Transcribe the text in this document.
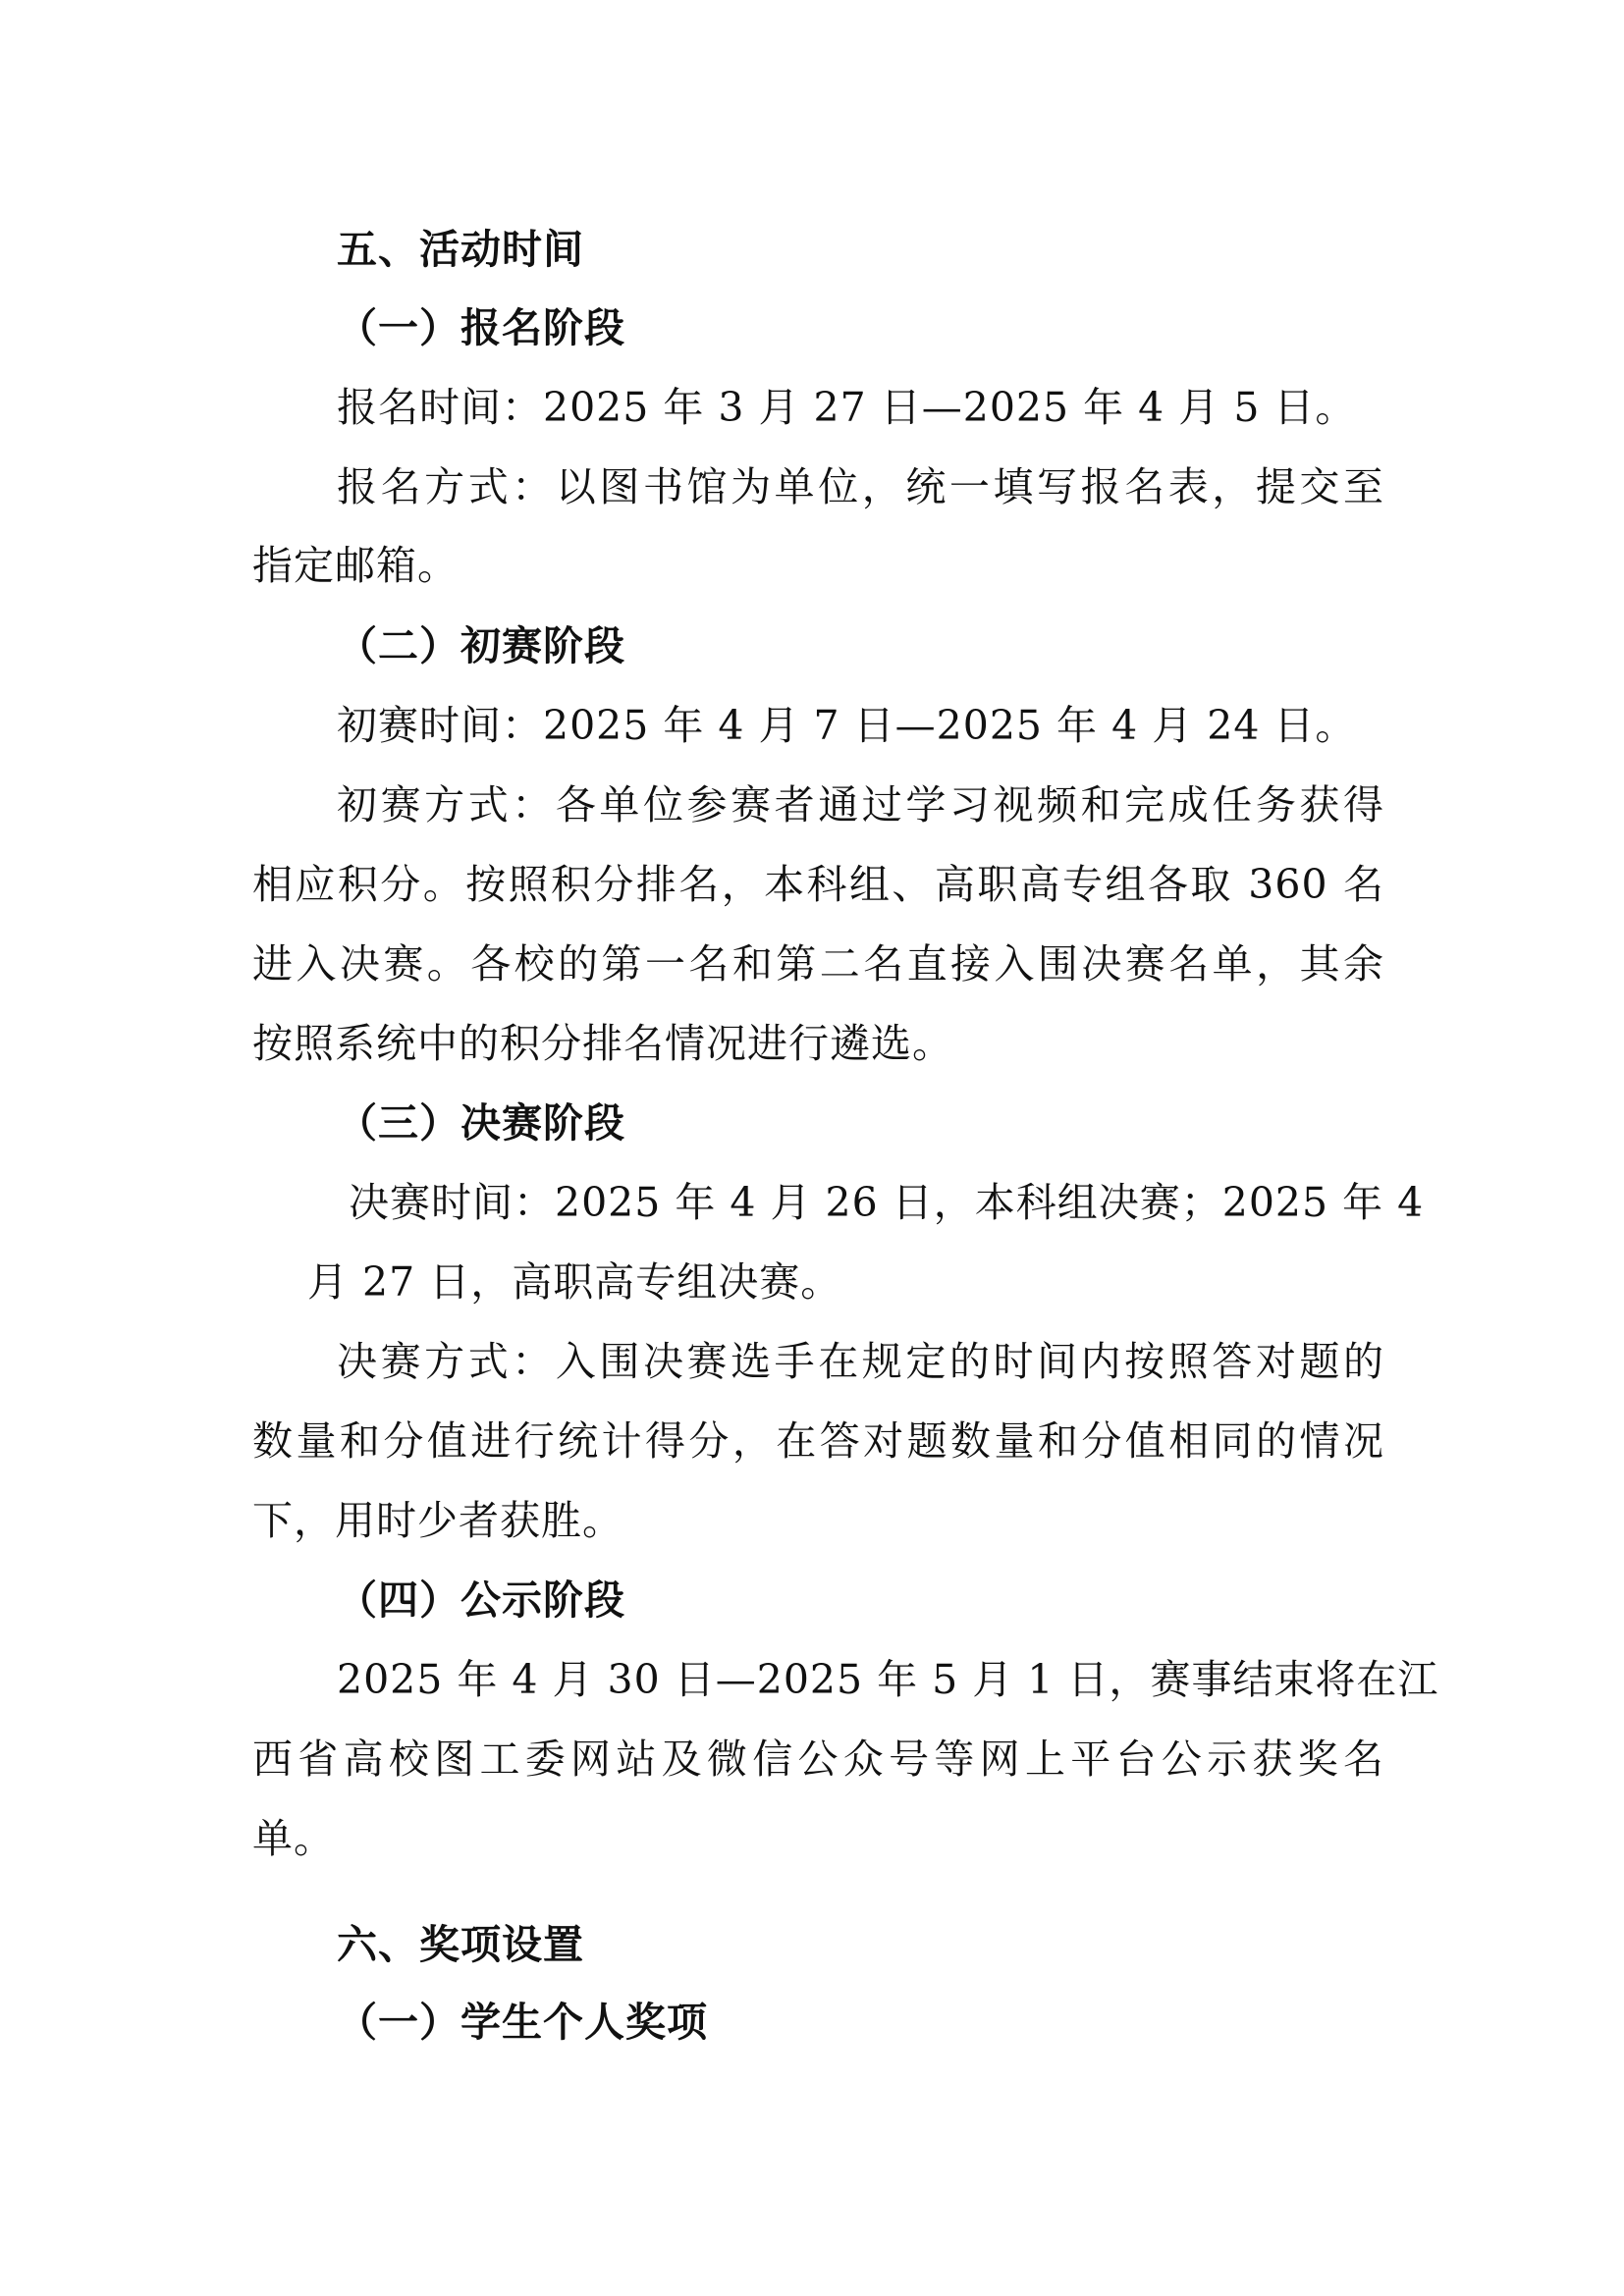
五、活动时间
（一）报名阶段
报名时间：2025 年 3 月 27 日—2025 年 4 月 5 日。
报名方式：以图书馆为单位，统一填写报名表，提交至
指定邮箱。
（二）初赛阶段
初赛时间：2025 年 4 月 7 日—2025 年 4 月 24 日。
初赛方式：各单位参赛者通过学习视频和完成任务获得
相应积分。按照积分排名，本科组、高职高专组各取 360 名
进入决赛。各校的第一名和第二名直接入围决赛名单，其余
按照系统中的积分排名情况进行遴选。
（三）决赛阶段
决赛时间：2025 年 4 月 26 日，本科组决赛；2025 年 4
月 27 日，高职高专组决赛。
决赛方式：入围决赛选手在规定的时间内按照答对题的
数量和分值进行统计得分，在答对题数量和分值相同的情况
下，用时少者获胜。
（四）公示阶段
2025 年 4 月 30 日—2025 年 5 月 1 日，赛事结束将在江
西省高校图工委网站及微信公众号等网上平台公示获奖名
单。
六、奖项设置
（一）学生个人奖项
